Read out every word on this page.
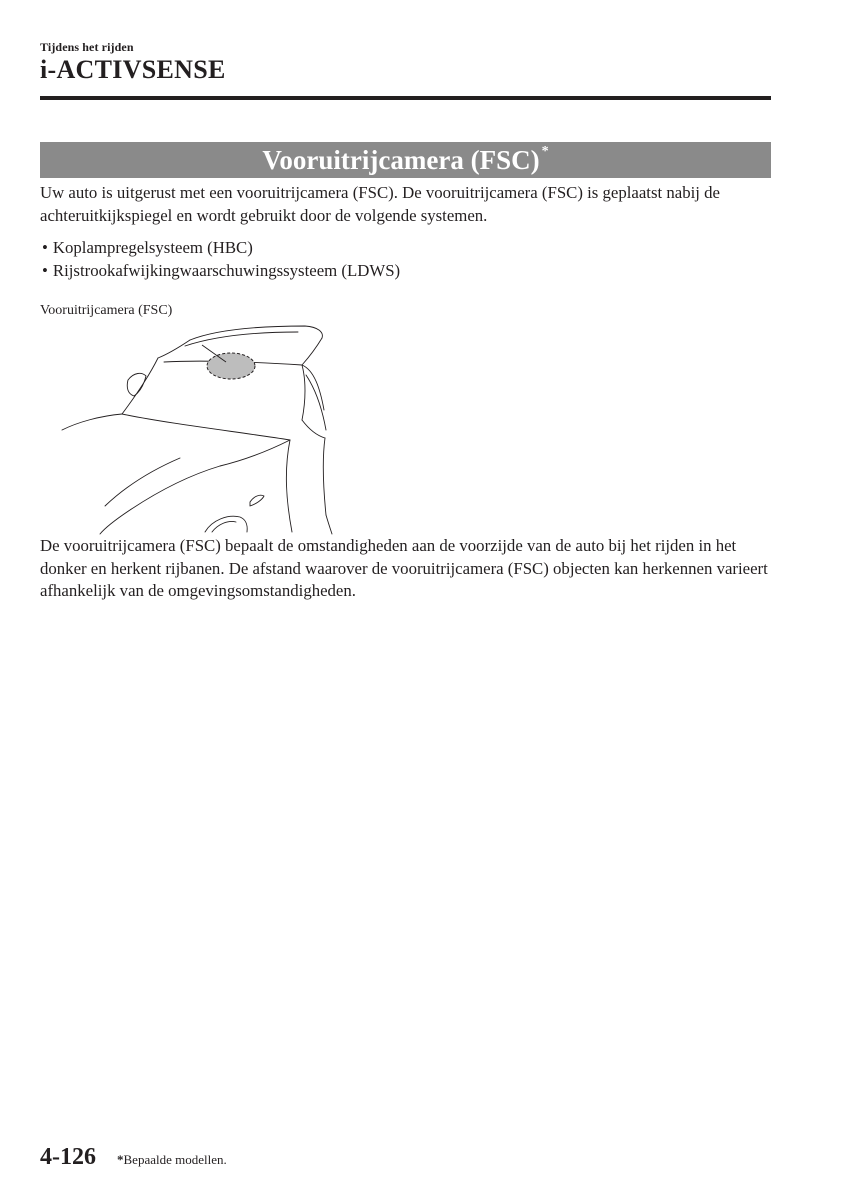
Tijdens het rijden
i-ACTIVSENSE
Vooruitrijcamera (FSC) *
Uw auto is uitgerust met een vooruitrijcamera (FSC). De vooruitrijcamera (FSC) is geplaatst nabij de achteruitkijkspiegel en wordt gebruikt door de volgende systemen.
• Koplampregelsysteem (HBC)
• Rijstrookafwijkingwaarschuwingssysteem (LDWS)
Vooruitrijcamera (FSC)
De vooruitrijcamera (FSC) bepaalt de omstandigheden aan de voorzijde van de auto bij het rijden in het donker en herkent rijbanen. De afstand waarover de vooruitrijcamera (FSC) objecten kan herkennen varieert afhankelijk van de omgevingsomstandigheden.
4-126 *Bepaalde modellen.
